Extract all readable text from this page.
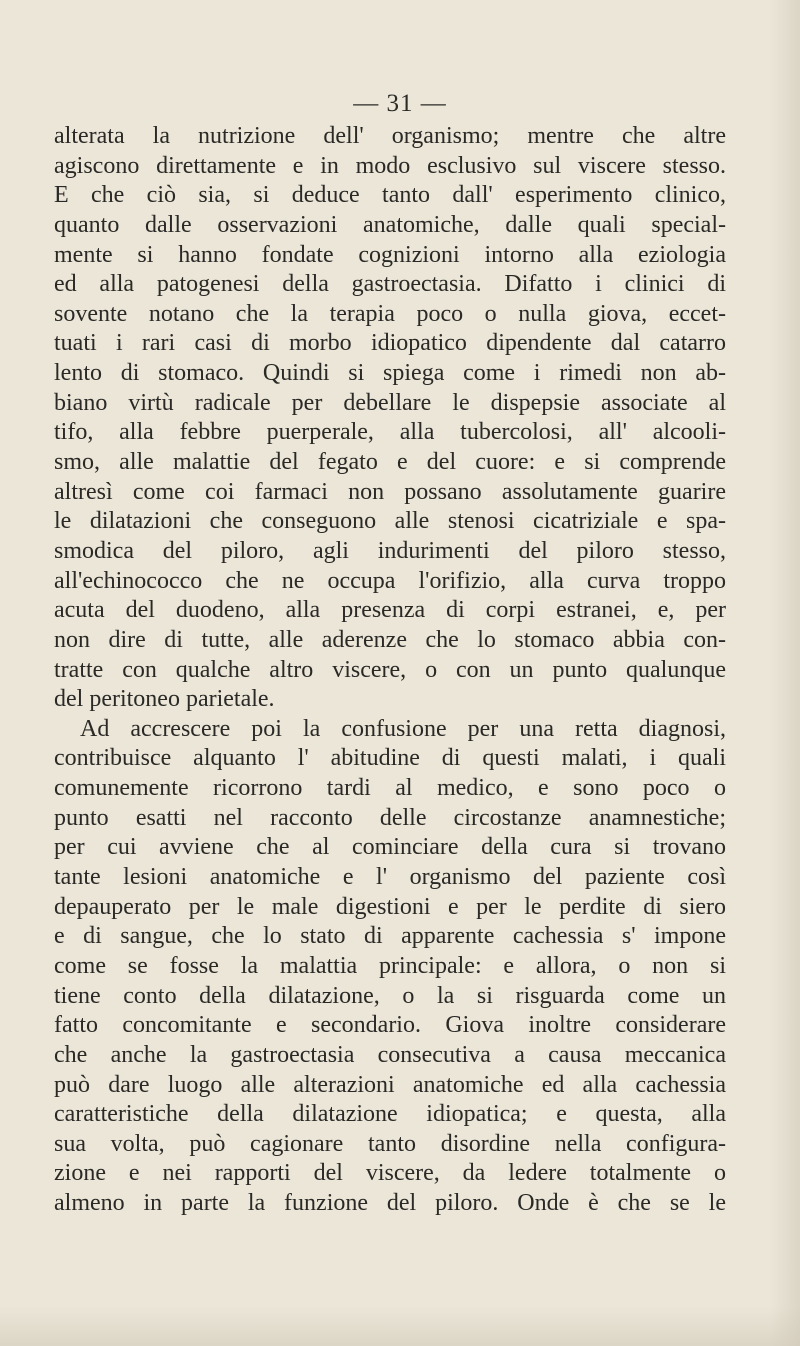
— 31 —
alterata la nutrizione dell' organismo; mentre che altre
agiscono direttamente e in modo esclusivo sul viscere stesso.
E che ciò sia, si deduce tanto dall' esperimento clinico,
quanto dalle osservazioni anatomiche, dalle quali special-
mente si hanno fondate cognizioni intorno alla eziologia
ed alla patogenesi della gastroectasia. Difatto i clinici di
sovente notano che la terapia poco o nulla giova, eccet-
tuati i rari casi di morbo idiopatico dipendente dal catarro
lento di stomaco. Quindi si spiega come i rimedi non ab-
biano virtù radicale per debellare le dispepsie associate al
tifo, alla febbre puerperale, alla tubercolosi, all' alcooli-
smo, alle malattie del fegato e del cuore: e si comprende
altresì come coi farmaci non possano assolutamente guarire
le dilatazioni che conseguono alle stenosi cicatriziale e spa-
smodica del piloro, agli indurimenti del piloro stesso,
all'echinococco che ne occupa l'orifizio, alla curva troppo
acuta del duodeno, alla presenza di corpi estranei, e, per
non dire di tutte, alle aderenze che lo stomaco abbia con-
tratte con qualche altro viscere, o con un punto qualunque
del peritoneo parietale.
Ad accrescere poi la confusione per una retta diagnosi,
contribuisce alquanto l' abitudine di questi malati, i quali
comunemente ricorrono tardi al medico, e sono poco o
punto esatti nel racconto delle circostanze anamnestiche;
per cui avviene che al cominciare della cura si trovano
tante lesioni anatomiche e l' organismo del paziente così
depauperato per le male digestioni e per le perdite di siero
e di sangue, che lo stato di apparente cachessia s' impone
come se fosse la malattia principale: e allora, o non si
tiene conto della dilatazione, o la si risguarda come un
fatto concomitante e secondario. Giova inoltre considerare
che anche la gastroectasia consecutiva a causa meccanica
può dare luogo alle alterazioni anatomiche ed alla cachessia
caratteristiche della dilatazione idiopatica; e questa, alla
sua volta, può cagionare tanto disordine nella configura-
zione e nei rapporti del viscere, da ledere totalmente o
almeno in parte la funzione del piloro. Onde è che se le
